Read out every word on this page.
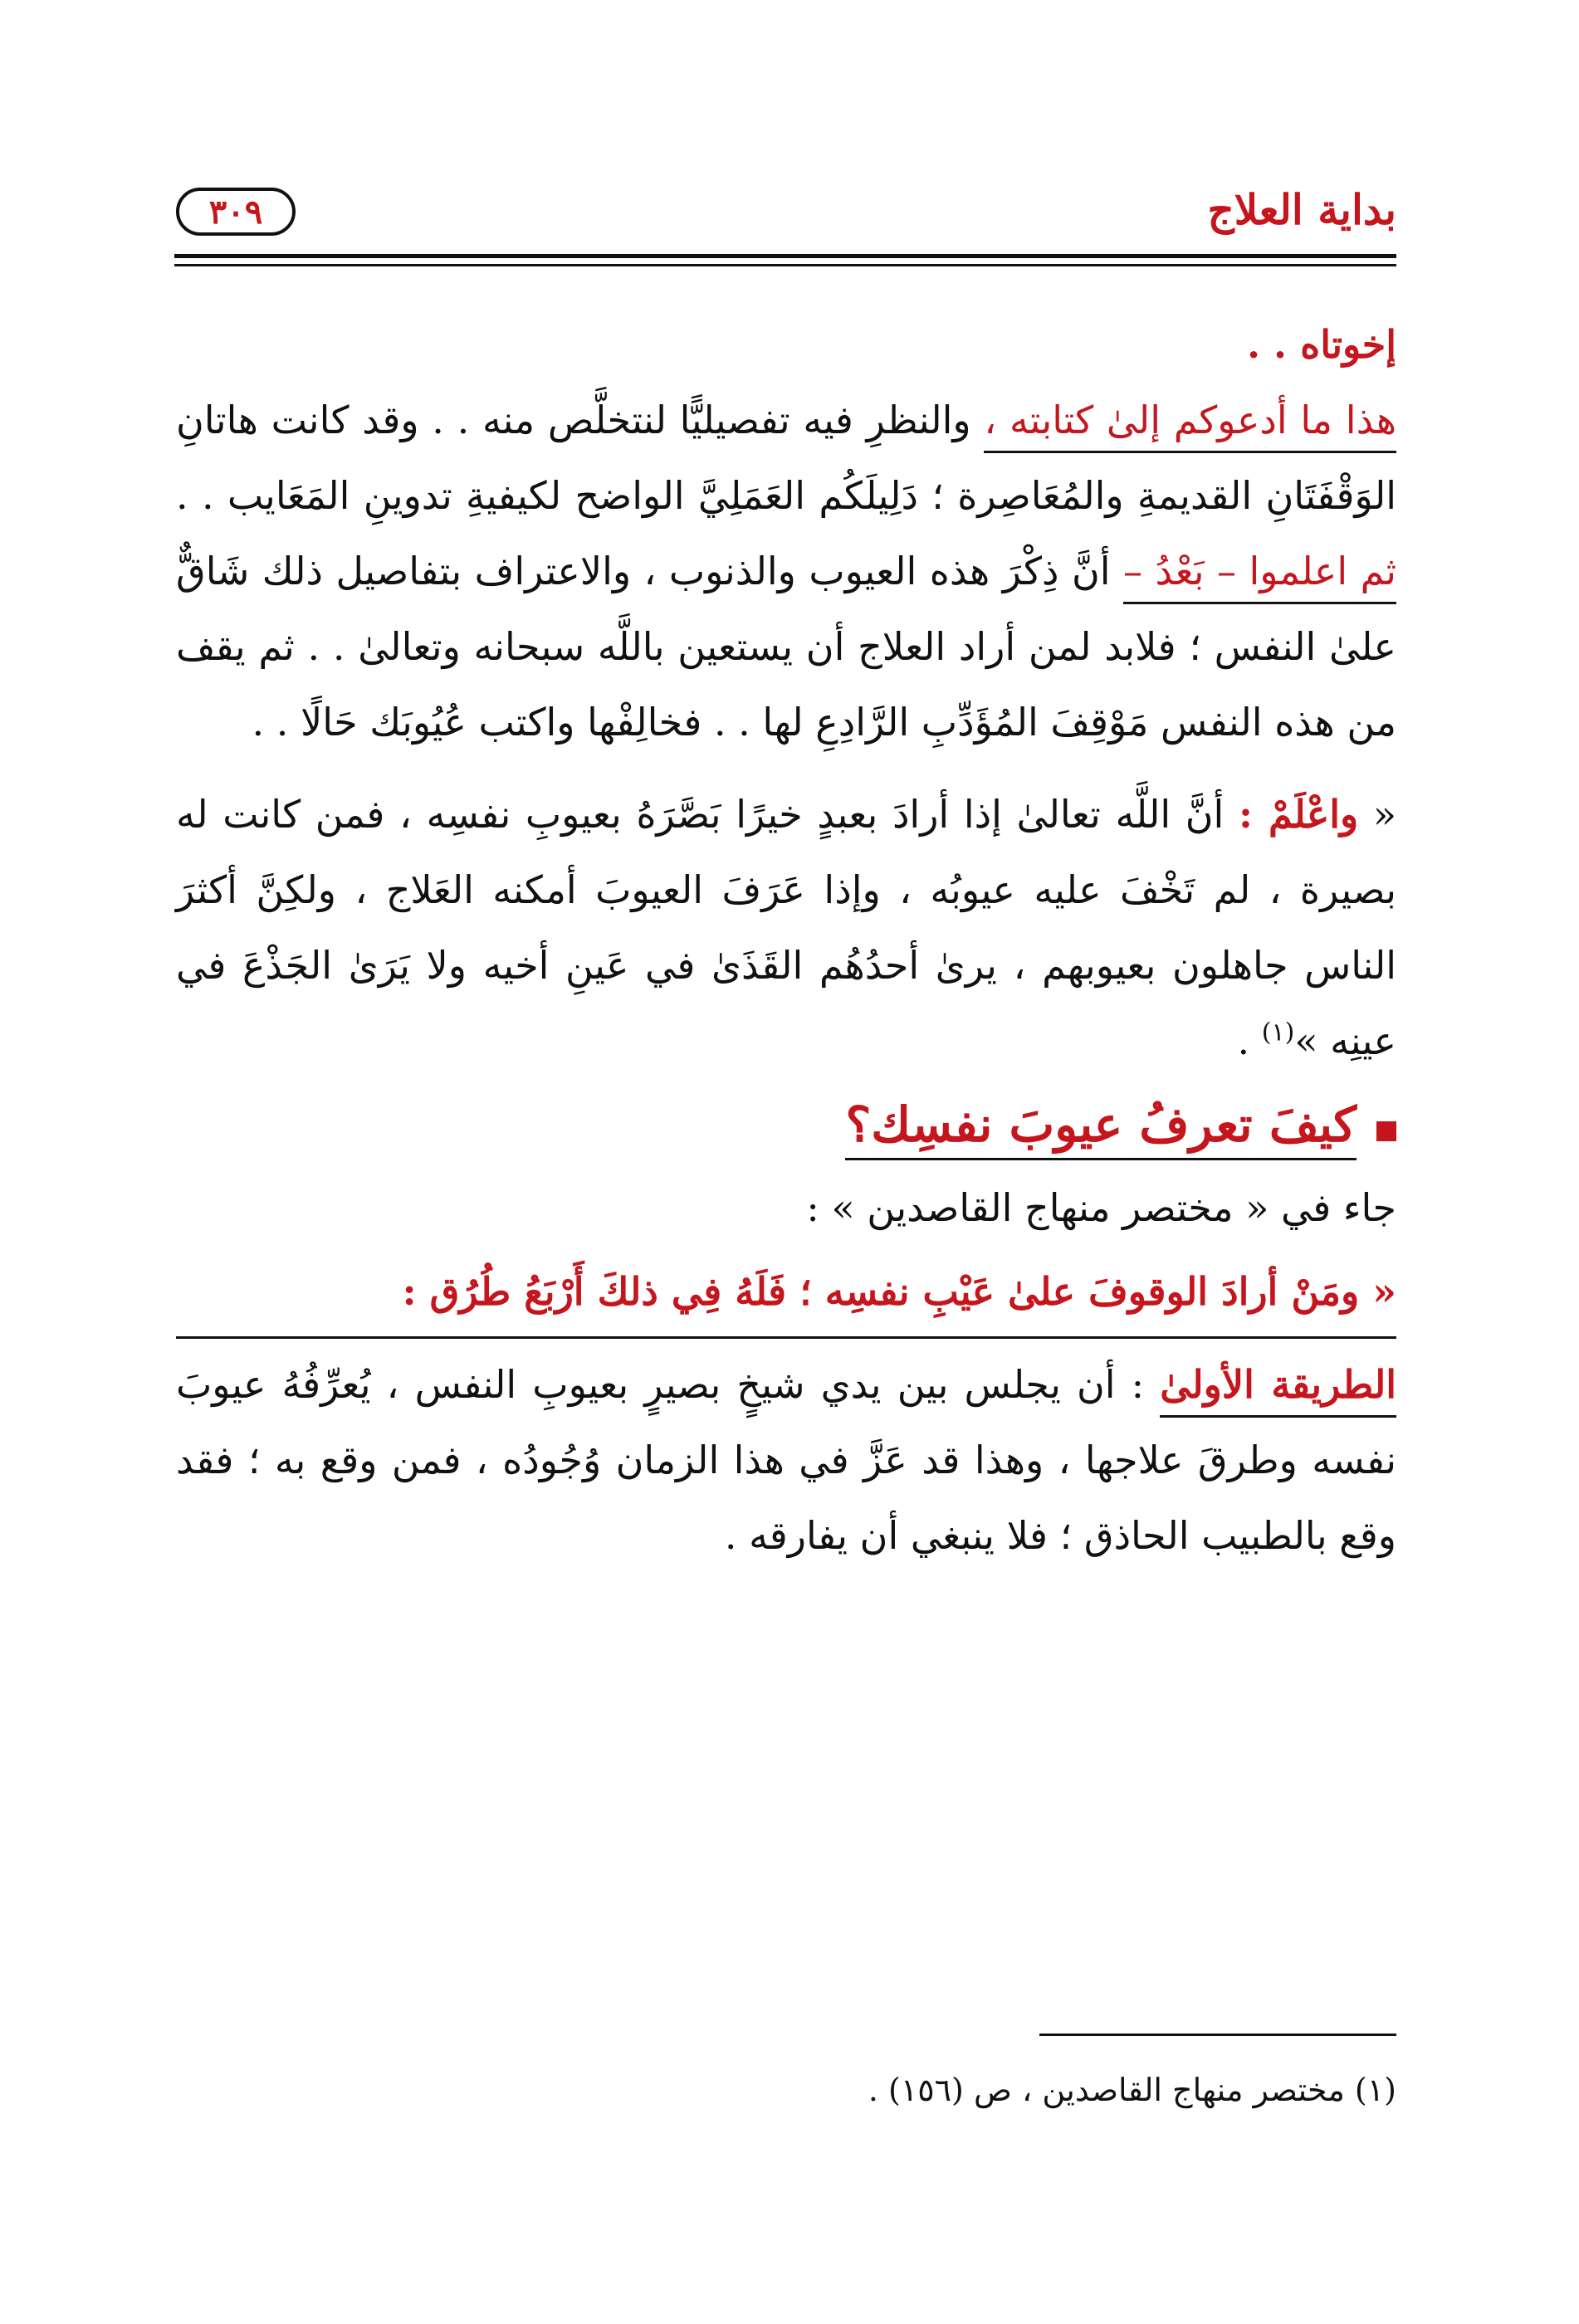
بداية العلاج
٣٠٩

إخوتاه . .

هذا ما أدعوكم إلىٰ كتابته ، والنظرِ فيه تفصيليًّا لنتخلَّص منه . . وقد كانت هاتانِ الوَقْفَتَانِ القديمةِ والمُعَاصِرة ؛ دَلِيلَكُم العَمَلِيَّ الواضح لكيفيةِ تدوينِ المَعَايب . . ثم اعلموا – بَعْدُ – أنَّ ذِكْرَ هذه العيوب والذنوب ، والاعتراف بتفاصيل ذلك شَاقٌّ علىٰ النفس ؛ فلابد لمن أراد العلاج أن يستعين باللَّه سبحانه وتعالىٰ . . ثم يقف من هذه النفس مَوْقِفَ المُؤَدِّبِ الرَّادِعِ لها . . فخالِفْها واكتب عُيُوبَك حَالًا . .

« واعْلَمْ : أنَّ اللَّه تعالىٰ إذا أرادَ بعبدٍ خيرًا بَصَّرَهُ بعيوبِ نفسِه ، فمن كانت له بصيرة ، لم تَخْفَ عليه عيوبُه ، وإذا عَرَفَ العيوبَ أمكنه العَلاج ، ولكِنَّ أكثرَ الناس جاهلون بعيوبهم ، يرىٰ أحدُهُم القَذَىٰ في عَينِ أخيه ولا يَرَىٰ الجَذْعَ في عينِه »$^{(١)}$ .

كيفَ تعرفُ عيوبَ نفسِك؟

جاء في « مختصر منهاج القاصدين » :

« ومَنْ أرادَ الوقوفَ علىٰ عَيْبِ نفسِه ؛ فَلَهُ فِي ذلكَ أَرْبَعُ طُرُق :

الطريقة الأولىٰ : أن يجلس بين يدي شيخٍ بصيرٍ بعيوبِ النفس ، يُعرِّفُهُ عيوبَ نفسه وطرقَ علاجها ، وهذا قد عَزَّ في هذا الزمان وُجُودُه ، فمن وقع به ؛ فقد وقع بالطبيب الحاذق ؛ فلا ينبغي أن يفارقه .

(١) مختصر منهاج القاصدين ، ص (١٥٦) .
